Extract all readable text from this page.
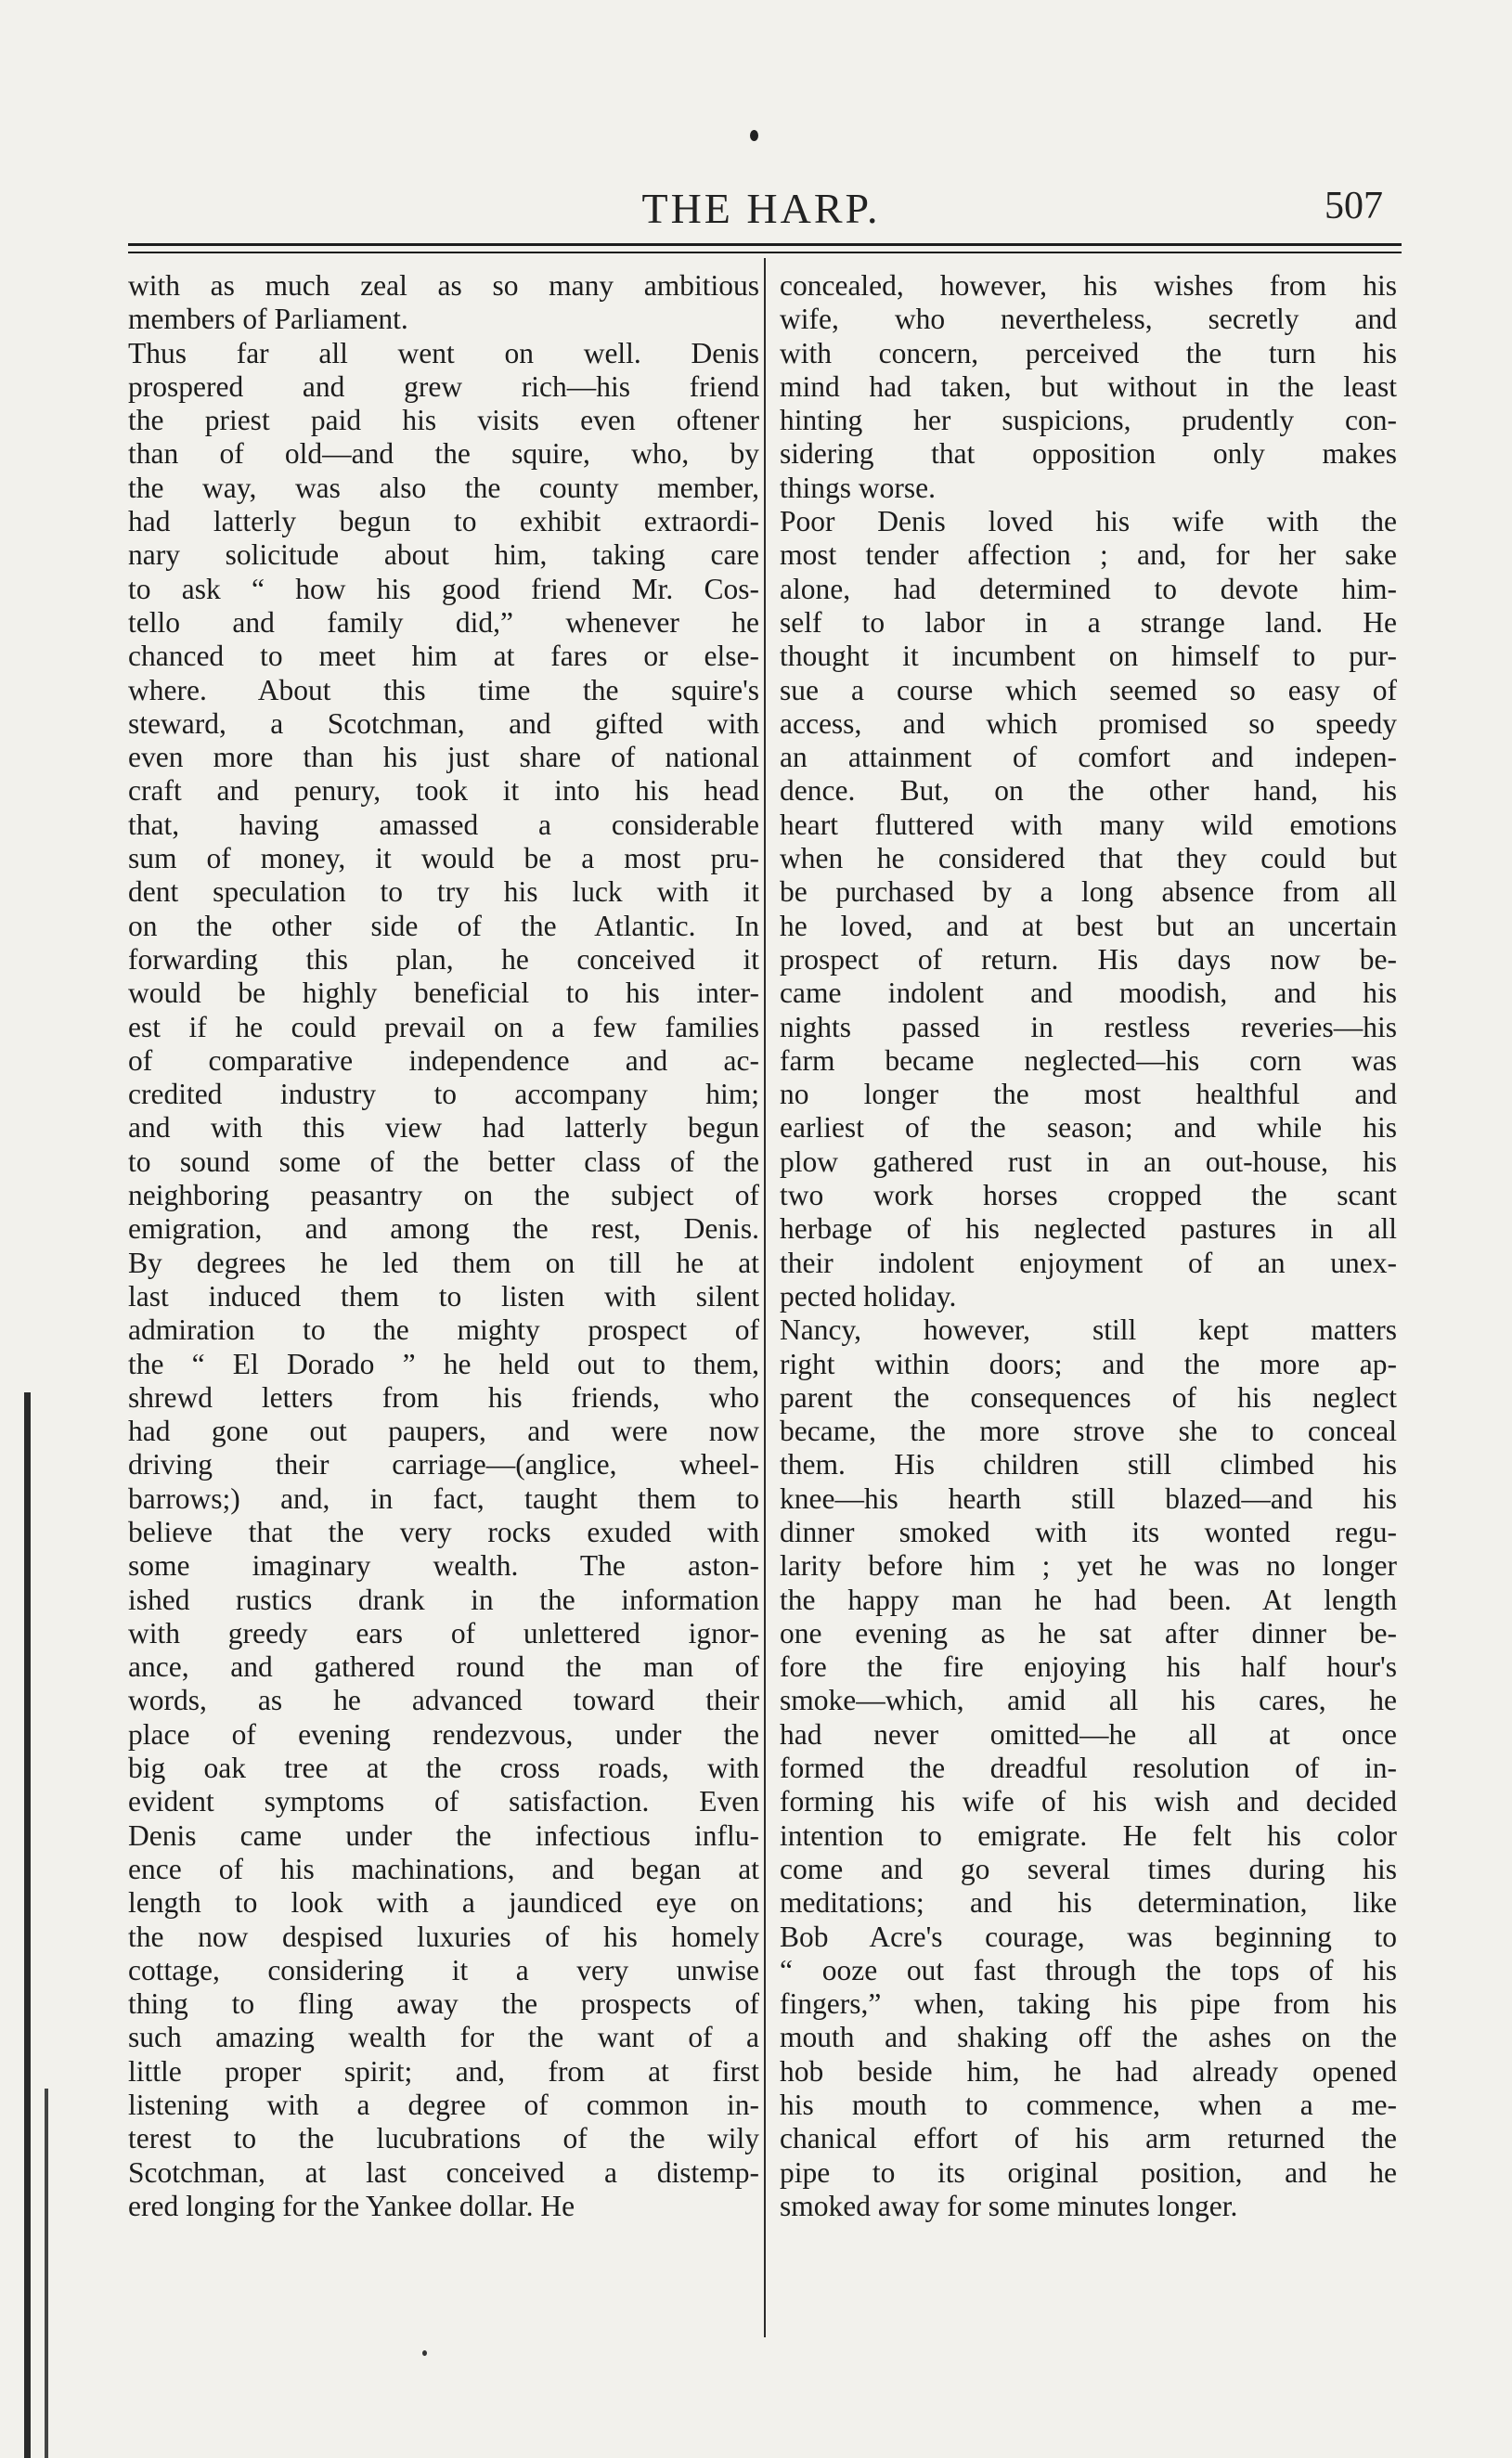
THE HARP.	507
with as much zeal as so many ambitious
members of Parliament.
Thus far all went on well. Denis
prospered and grew rich—his friend
the priest paid his visits even oftener
than of old—and the squire, who, by
the way, was also the county member,
had latterly begun to exhibit extraordi-
nary solicitude about him, taking care
to ask “ how his good friend Mr. Cos-
tello and family did,” whenever he
chanced to meet him at fares or else-
where. About this time the squire's
steward, a Scotchman, and gifted with
even more than his just share of national
craft and penury, took it into his head
that, having amassed a considerable
sum of money, it would be a most pru-
dent speculation to try his luck with it
on the other side of the Atlantic. In
forwarding this plan, he conceived it
would be highly beneficial to his inter-
est if he could prevail on a few families
of comparative independence and ac-
credited industry to accompany him;
and with this view had latterly begun
to sound some of the better class of the
neighboring peasantry on the subject of
emigration, and among the rest, Denis.
By degrees he led them on till he at
last induced them to listen with silent
admiration to the mighty prospect of
the “ El Dorado ” he held out to them,
shrewd letters from his friends, who
had gone out paupers, and were now
driving their carriage—(anglice, wheel-
barrows;) and, in fact, taught them to
believe that the very rocks exuded with
some imaginary wealth. The aston-
ished rustics drank in the information
with greedy ears of unlettered ignor-
ance, and gathered round the man of
words, as he advanced toward their
place of evening rendezvous, under the
big oak tree at the cross roads, with
evident symptoms of satisfaction. Even
Denis came under the infectious influ-
ence of his machinations, and began at
length to look with a jaundiced eye on
the now despised luxuries of his homely
cottage, considering it a very unwise
thing to fling away the prospects of
such amazing wealth for the want of a
little proper spirit; and, from at first
listening with a degree of common in-
terest to the lucubrations of the wily
Scotchman, at last conceived a distemp-
ered longing for the Yankee dollar. He
concealed, however, his wishes from his
wife, who nevertheless, secretly and
with concern, perceived the turn his
mind had taken, but without in the least
hinting her suspicions, prudently con-
sidering that opposition only makes
things worse.
Poor Denis loved his wife with the
most tender affection ; and, for her sake
alone, had determined to devote him-
self to labor in a strange land. He
thought it incumbent on himself to pur-
sue a course which seemed so easy of
access, and which promised so speedy
an attainment of comfort and indepen-
dence. But, on the other hand, his
heart fluttered with many wild emotions
when he considered that they could but
be purchased by a long absence from all
he loved, and at best but an uncertain
prospect of return. His days now be-
came indolent and moodish, and his
nights passed in restless reveries—his
farm became neglected—his corn was
no longer the most healthful and
earliest of the season; and while his
plow gathered rust in an out-house, his
two work horses cropped the scant
herbage of his neglected pastures in all
their indolent enjoyment of an unex-
pected holiday.
Nancy, however, still kept matters
right within doors; and the more ap-
parent the consequences of his neglect
became, the more strove she to conceal
them. His children still climbed his
knee—his hearth still blazed—and his
dinner smoked with its wonted regu-
larity before him ; yet he was no longer
the happy man he had been. At length
one evening as he sat after dinner be-
fore the fire enjoying his half hour's
smoke—which, amid all his cares, he
had never omitted—he all at once
formed the dreadful resolution of in-
forming his wife of his wish and decided
intention to emigrate. He felt his color
come and go several times during his
meditations; and his determination, like
Bob Acre's courage, was beginning to
“ ooze out fast through the tops of his
fingers,” when, taking his pipe from his
mouth and shaking off the ashes on the
hob beside him, he had already opened
his mouth to commence, when a me-
chanical effort of his arm returned the
pipe to its original position, and he
smoked away for some minutes longer.
